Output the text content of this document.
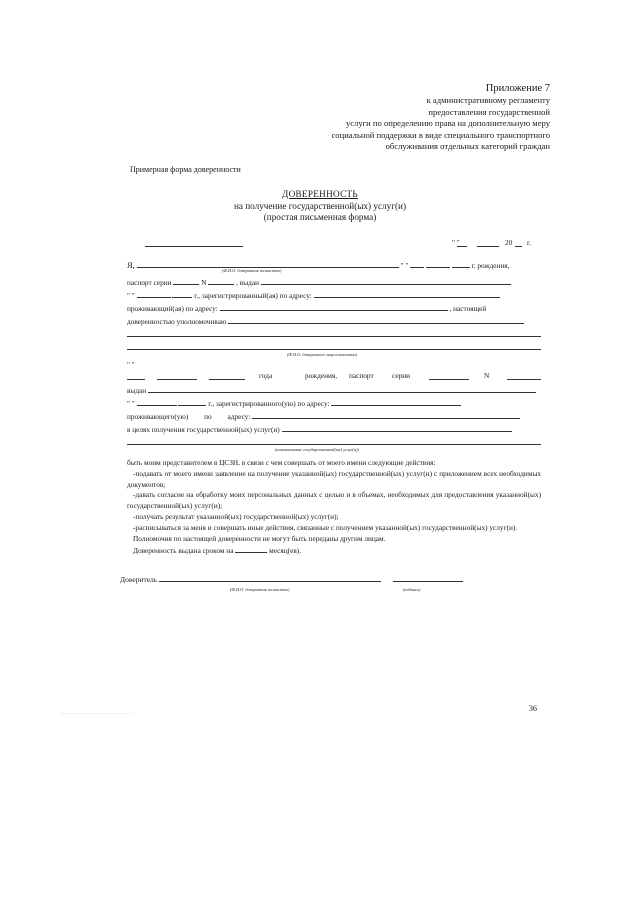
Приложение 7
к административному регламенту
предоставления государственной
услуги по определению права на дополнительную меру
социальной поддержки в виде специального транспортного
обслуживания отдельных категорий граждан
Примерная форма доверенности
ДОВЕРЕННОСТЬ
на получение государственной(ых) услуг(и)
(простая письменная форма)
" "	20 г.
Я,	" "	г. рождения,
(Ф.И.О. доверителя полностью)
паспорт серии	N	, выдан
" "	г., зарегистрированный(ая) по адресу:
проживающий(ая) по адресу:	, настоящей
доверенностью уполномочиваю
(Ф.И.О. доверенного лица полностью)
" "

года	рождения, паспорт	серии	N
выдан
" "	г., зарегистрированного(ую) по адресу:
проживающего(ую) по адресу:
в целях получения государственной(ых) услуг(и)
(наименование государственной(ых) услуг(и))
быть моим представителем в ЦСЗН, в связи с чем совершать от моего имени следующие действия:
-подавать от моего имени заявление на получение указанной(ых) государственной(ых) услуг(и) с приложением всех необходимых документов;
-давать согласие на обработку моих персональных данных с целью и в объемах, необходимых для предоставления указанной(ых) государственной(ых) услуг(и);
-получать результат указанной(ых) государственной(ых) услуг(и);
-расписываться за меня и совершать иные действия, связанные с получением указанной(ых) государственной(ых) услуг(и).
Полномочия по настоящей доверенности не могут быть переданы другим лицам.
Доверенность выдана сроком на	месяц(ев).
Доверитель
(Ф.И.О. доверителя полностью)	(подпись)
. . . . . . . . . . . . . . . . . .	36
